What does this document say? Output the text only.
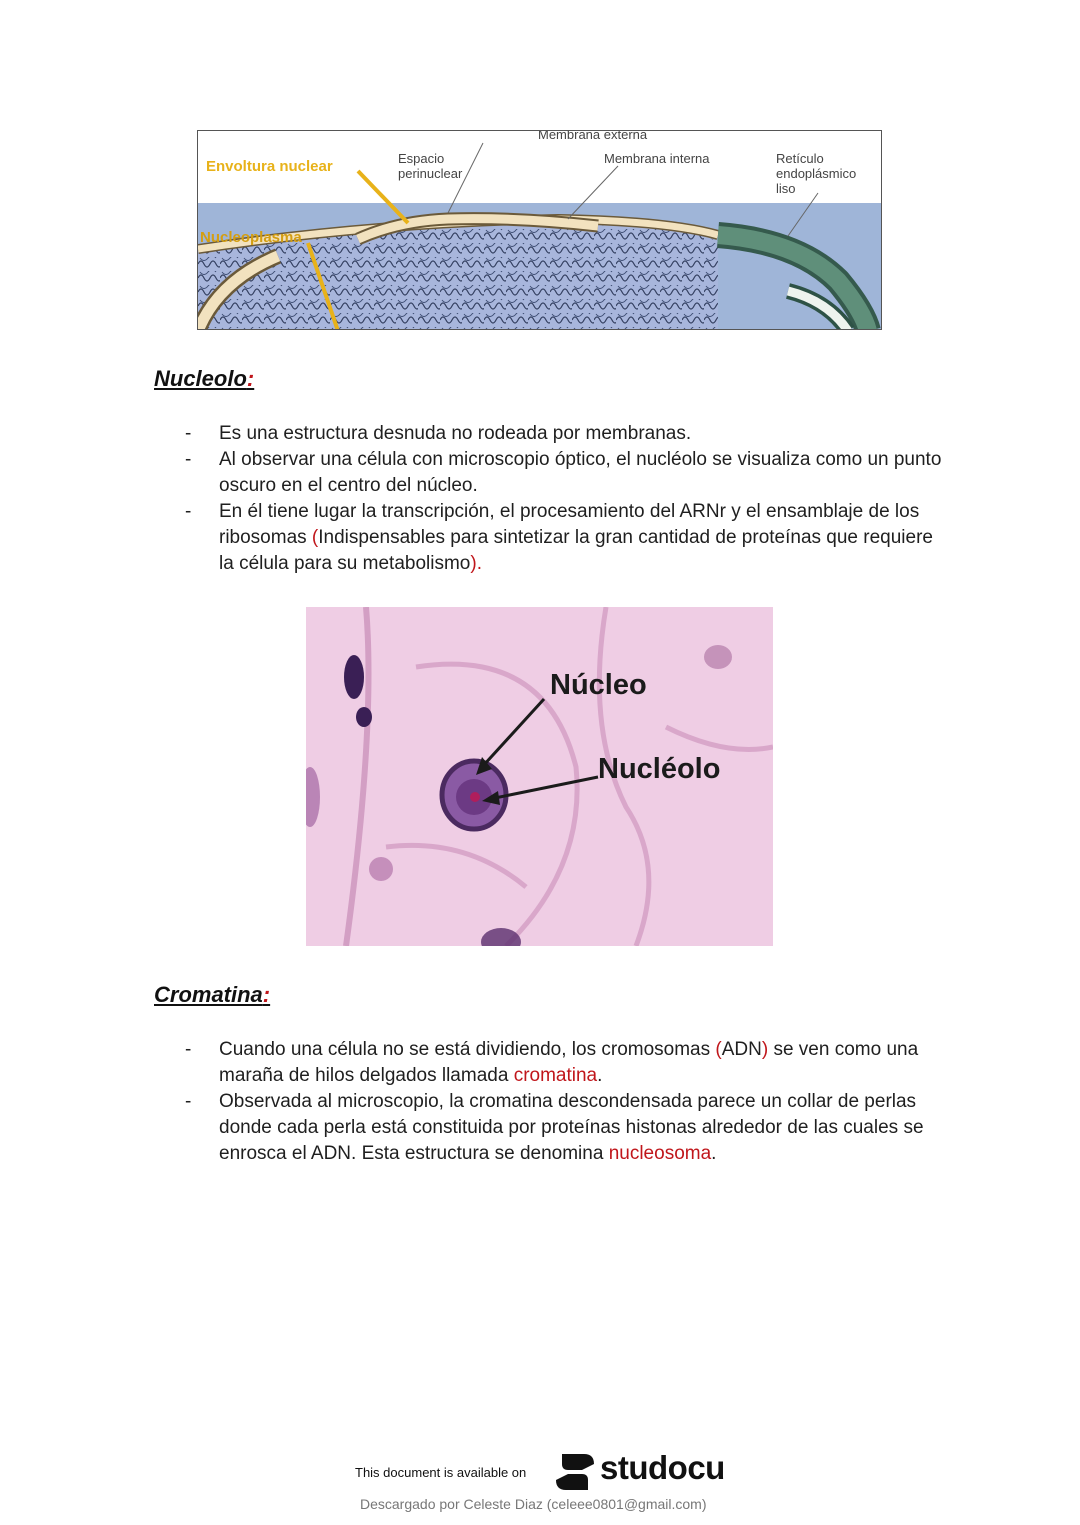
Envoltura nuclear
Nucleoplasma
Espacio
perinuclear
Membrana externa
Membrana interna	Retículo
endoplásmico
liso
Nucleolo:
- Es una estructura desnuda no rodeada por membranas.
- Al observar una célula con microscopio óptico, el nucléolo se visualiza como un punto oscuro en el centro del núcleo.
- En él tiene lugar la transcripción, el procesamiento del ARNr y el ensamblaje de los ribosomas (Indispensables para sintetizar la gran cantidad de proteínas que requiere la célula para su metabolismo).
Núcleo
Nucléolo
Cromatina:
- Cuando una célula no se está dividiendo, los cromosomas (ADN) se ven como una maraña de hilos delgados llamada cromatina.
- Observada al microscopio, la cromatina descondensada parece un collar de perlas donde cada perla está constituida por proteínas histonas alrededor de las cuales se enrosca el ADN. Esta estructura se denomina nucleosoma.
This document is available on studocu
Descargado por Celeste Diaz (celeee0801@gmail.com)
